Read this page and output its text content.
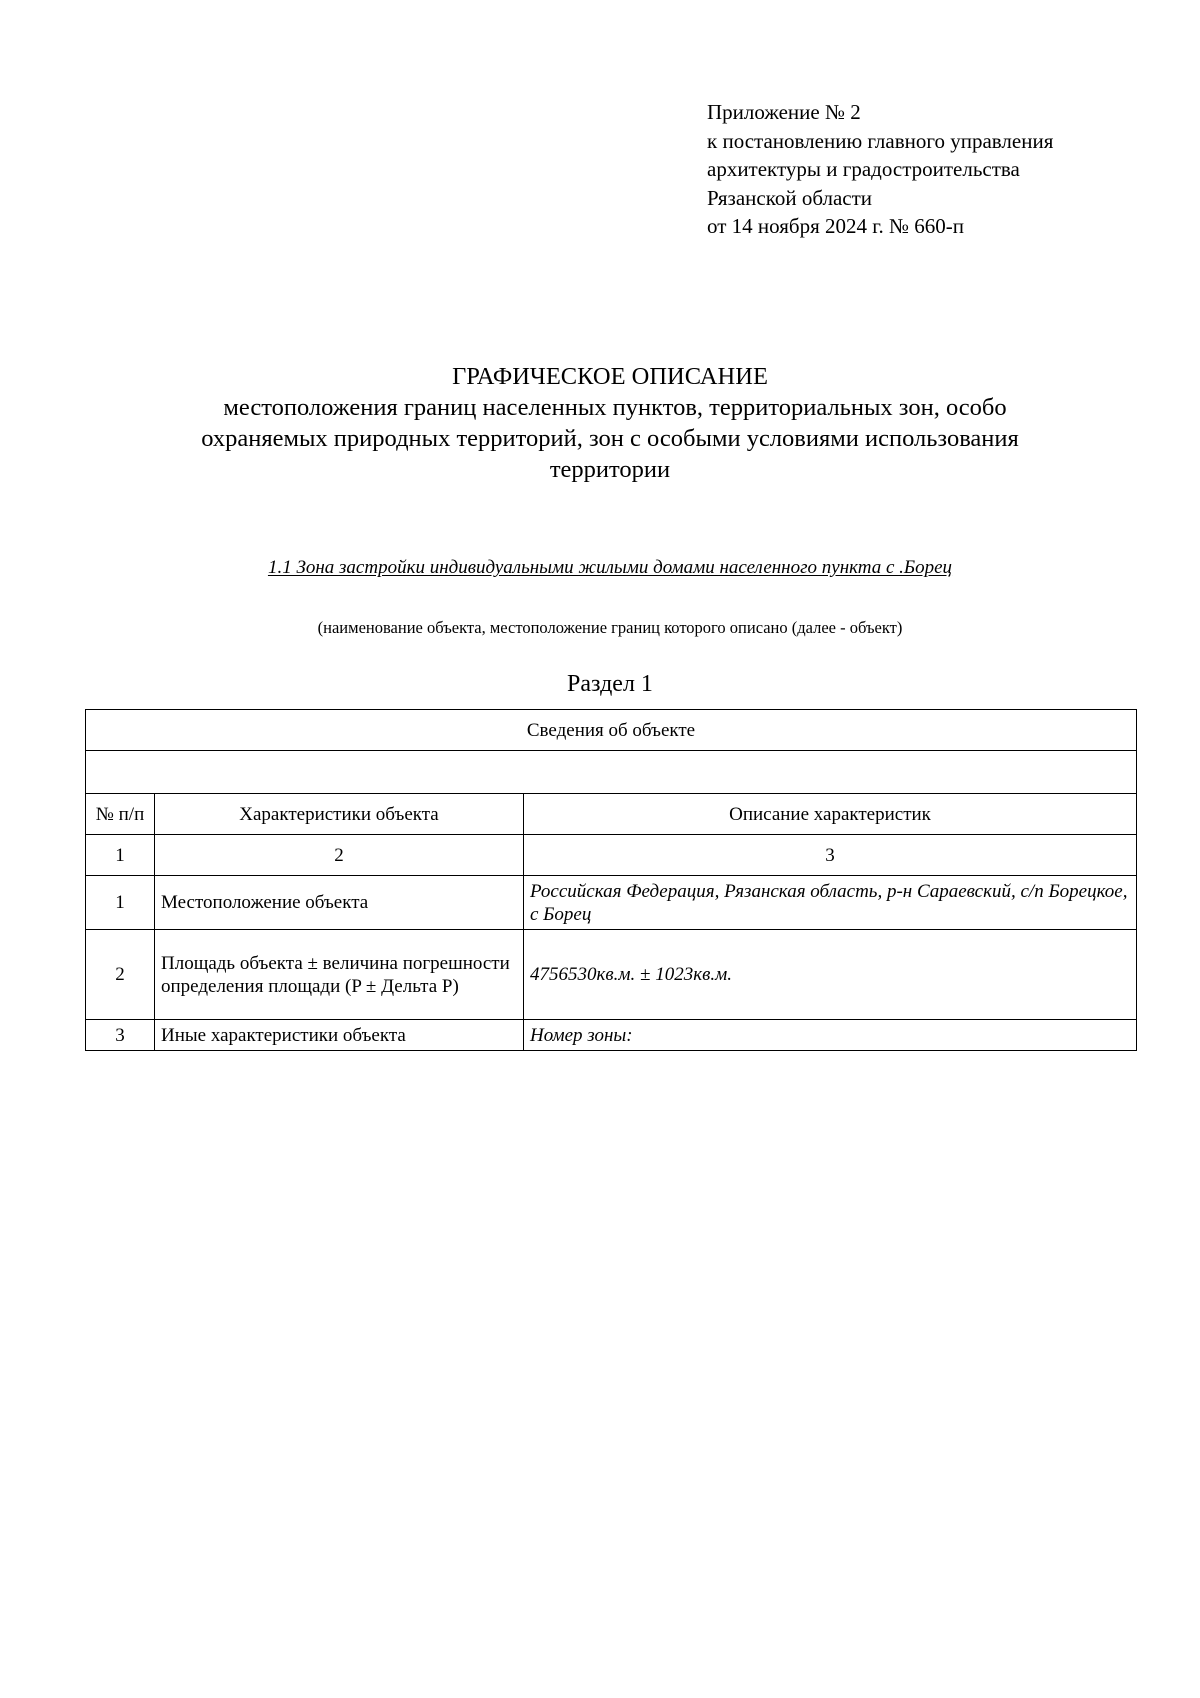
Приложение № 2
к постановлению главного управления
архитектуры и градостроительства
Рязанской области
от 14 ноября 2024 г. № 660-п
ГРАФИЧЕСКОЕ ОПИСАНИЕ
местоположения границ населенных пунктов, территориальных зон, особо
охраняемых природных территорий, зон с особыми условиями использования
территории
1.1 Зона застройки индивидуальными жилыми домами населенного пункта с .Борец
(наименование объекта, местоположение границ которого описано (далее - объект)
Раздел 1
Сведения об объекте		

№ п/п	Характеристики объекта	Описание характеристик
1	2	3
1	Местоположение объекта	Российская Федерация, Рязанская область, р-н Сараевский, с/п Борецкое, с Борец
2	Площадь объекта ± величина погрешности определения площади (P ± Дельта P)	4756530кв.м. ± 1023кв.м.
3	Иные характеристики объекта	Номер зоны:
